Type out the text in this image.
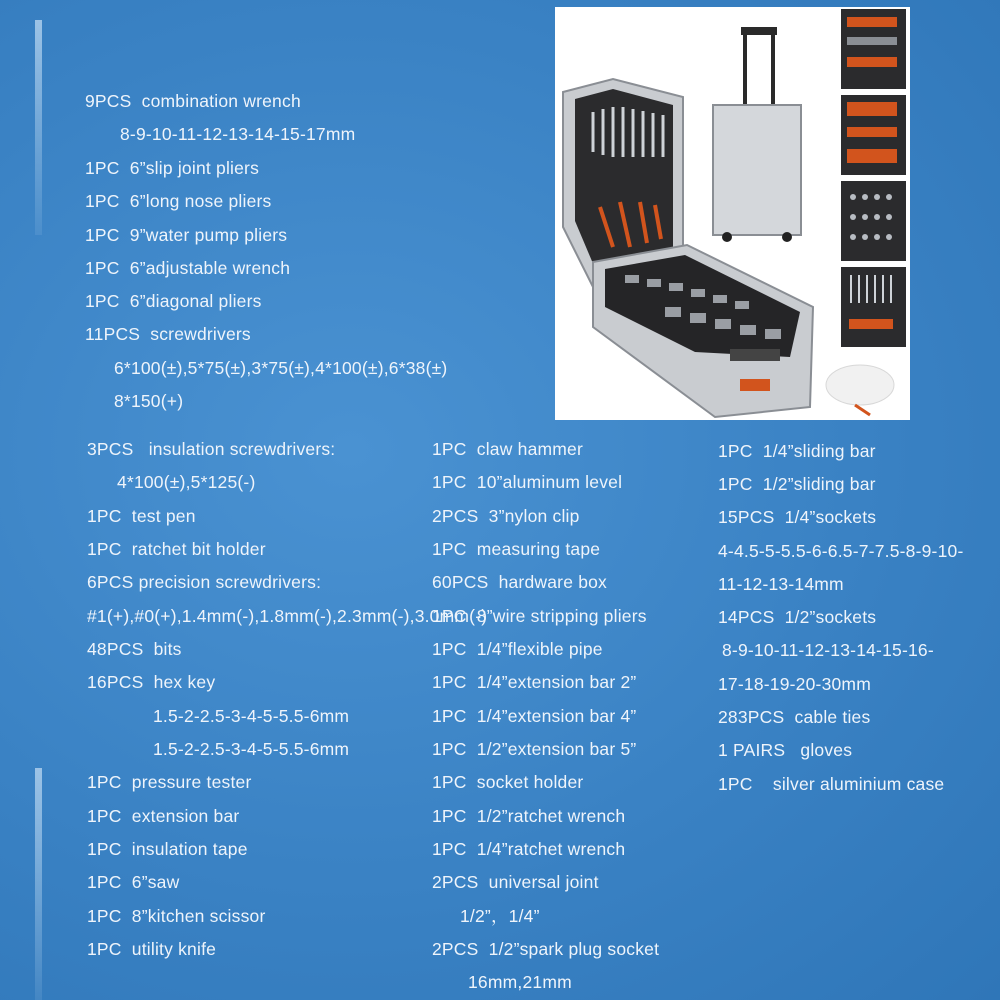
9PCS  combination wrench
8-9-10-11-12-13-14-15-17mm
1PC  6”slip joint pliers
1PC  6”long nose pliers
1PC  9”water pump pliers
1PC  6”adjustable wrench
1PC  6”diagonal pliers
11PCS  screwdrivers
6*100(±),5*75(±),3*75(±),4*100(±),6*38(±)
8*150(+)
3PCS   insulation screwdrivers:
4*100(±),5*125(-)
1PC  test pen
1PC  ratchet bit holder
6PCS precision screwdrivers:
#1(+),#0(+),1.4mm(-),1.8mm(-),2.3mm(-),3.0mm(-)
48PCS  bits
16PCS  hex key
1.5-2-2.5-3-4-5-5.5-6mm
1.5-2-2.5-3-4-5-5.5-6mm
1PC  pressure tester
1PC  extension bar
1PC  insulation tape
1PC  6”saw
1PC  8”kitchen scissor
1PC  utility knife
1PC  claw hammer
1PC  10”aluminum level
2PCS  3”nylon clip
1PC  measuring tape
60PCS  hardware box
1PC  8”wire stripping pliers
1PC  1/4”flexible pipe
1PC  1/4”extension bar 2”
1PC  1/4”extension bar 4”
1PC  1/2”extension bar 5”
1PC  socket holder
1PC  1/2”ratchet wrench
1PC  1/4”ratchet wrench
2PCS  universal joint
1/2”，1/4”
2PCS  1/2”spark plug socket
16mm,21mm
1PC  1/4”sliding bar
1PC  1/2”sliding bar
15PCS  1/4”sockets
4-4.5-5-5.5-6-6.5-7-7.5-8-9-10-
11-12-13-14mm
14PCS  1/2”sockets
8-9-10-11-12-13-14-15-16-
17-18-19-20-30mm
283PCS  cable ties
1 PAIRS   gloves
1PC    silver aluminium case
